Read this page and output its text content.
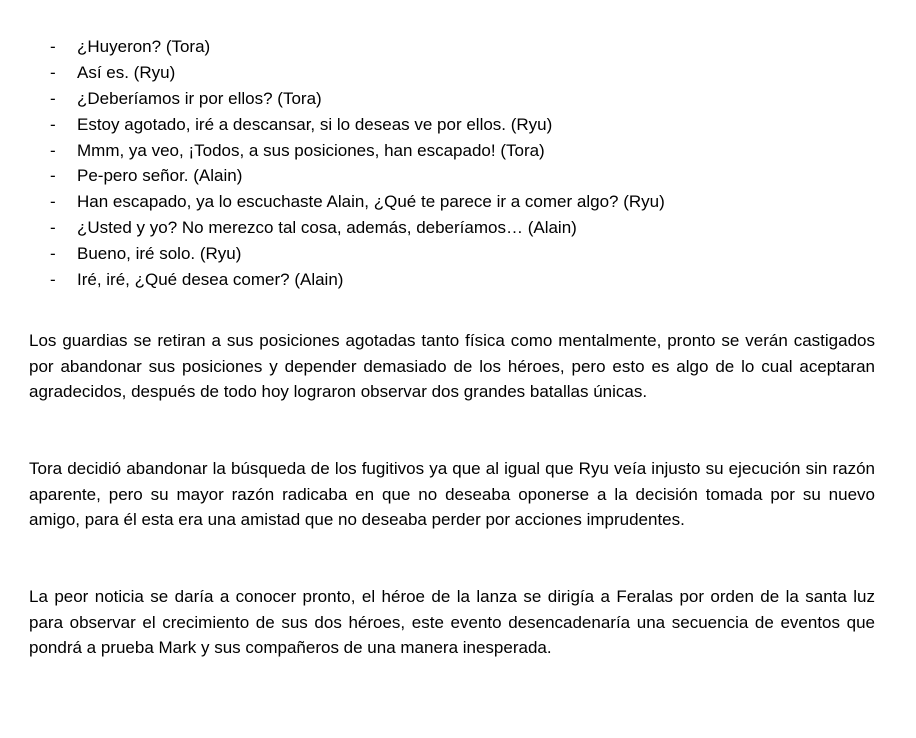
- ¿Huyeron? (Tora)
- Así es. (Ryu)
- ¿Deberíamos ir por ellos? (Tora)
- Estoy agotado, iré a descansar, si lo deseas ve por ellos. (Ryu)
- Mmm, ya veo, ¡Todos, a sus posiciones, han escapado! (Tora)
- Pe-pero señor. (Alain)
- Han escapado, ya lo escuchaste Alain, ¿Qué te parece ir a comer algo? (Ryu)
- ¿Usted y yo? No merezco tal cosa, además, deberíamos… (Alain)
- Bueno, iré solo. (Ryu)
- Iré, iré, ¿Qué desea comer? (Alain)

Los guardias se retiran a sus posiciones agotadas tanto física como mentalmente, pronto se verán castigados por abandonar sus posiciones y depender demasiado de los héroes, pero esto es algo de lo cual aceptaran agradecidos, después de todo hoy lograron observar dos grandes batallas únicas.

Tora decidió abandonar la búsqueda de los fugitivos ya que al igual que Ryu veía injusto su ejecución sin razón aparente, pero su mayor razón radicaba en que no deseaba oponerse a la decisión tomada por su nuevo amigo, para él esta era una amistad que no deseaba perder por acciones imprudentes.

La peor noticia se daría a conocer pronto, el héroe de la lanza se dirigía a Feralas por orden de la santa luz para observar el crecimiento de sus dos héroes, este evento desencadenaría una secuencia de eventos que pondrá a prueba Mark y sus compañeros de una manera inesperada.
